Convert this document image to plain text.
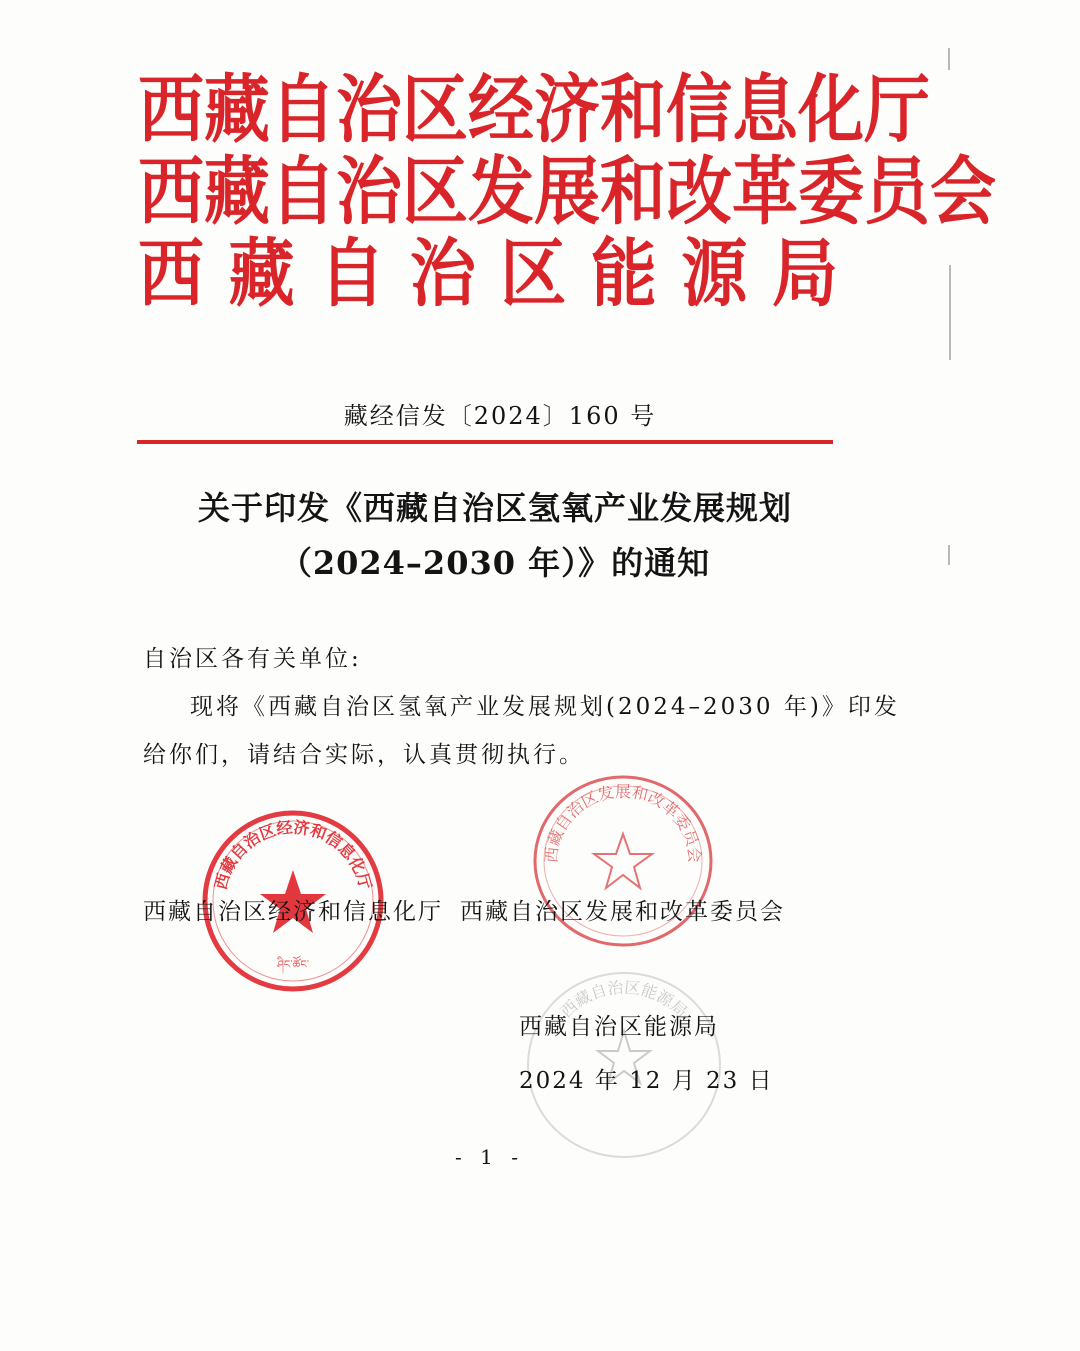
西 藏 自 治 区 经 济 和 信 息 化 厅
西 藏 自 治 区 发 展 和 改 革 委 员 会
西 藏 自 治 区 能 源 局
藏经信发〔2024〕160 号
关于印发《西藏自治区氢氧产业发展规划
（2024–2030 年）》的通知
自治区各有关单位:
现将《西藏自治区氢氧产业发展规划(2024–2030 年)》印发
给你们，请结合实际，认真贯彻执行。
西藏自治区经济和信息化厅
ཤིང་ཚོང་
西藏自治区发展和改革委员会
西藏自治区能源局
西藏自治区经济和信息化厅 西藏自治区发展和改革委员会
西藏自治区能源局
2024 年 12 月 23 日
- 1 -
